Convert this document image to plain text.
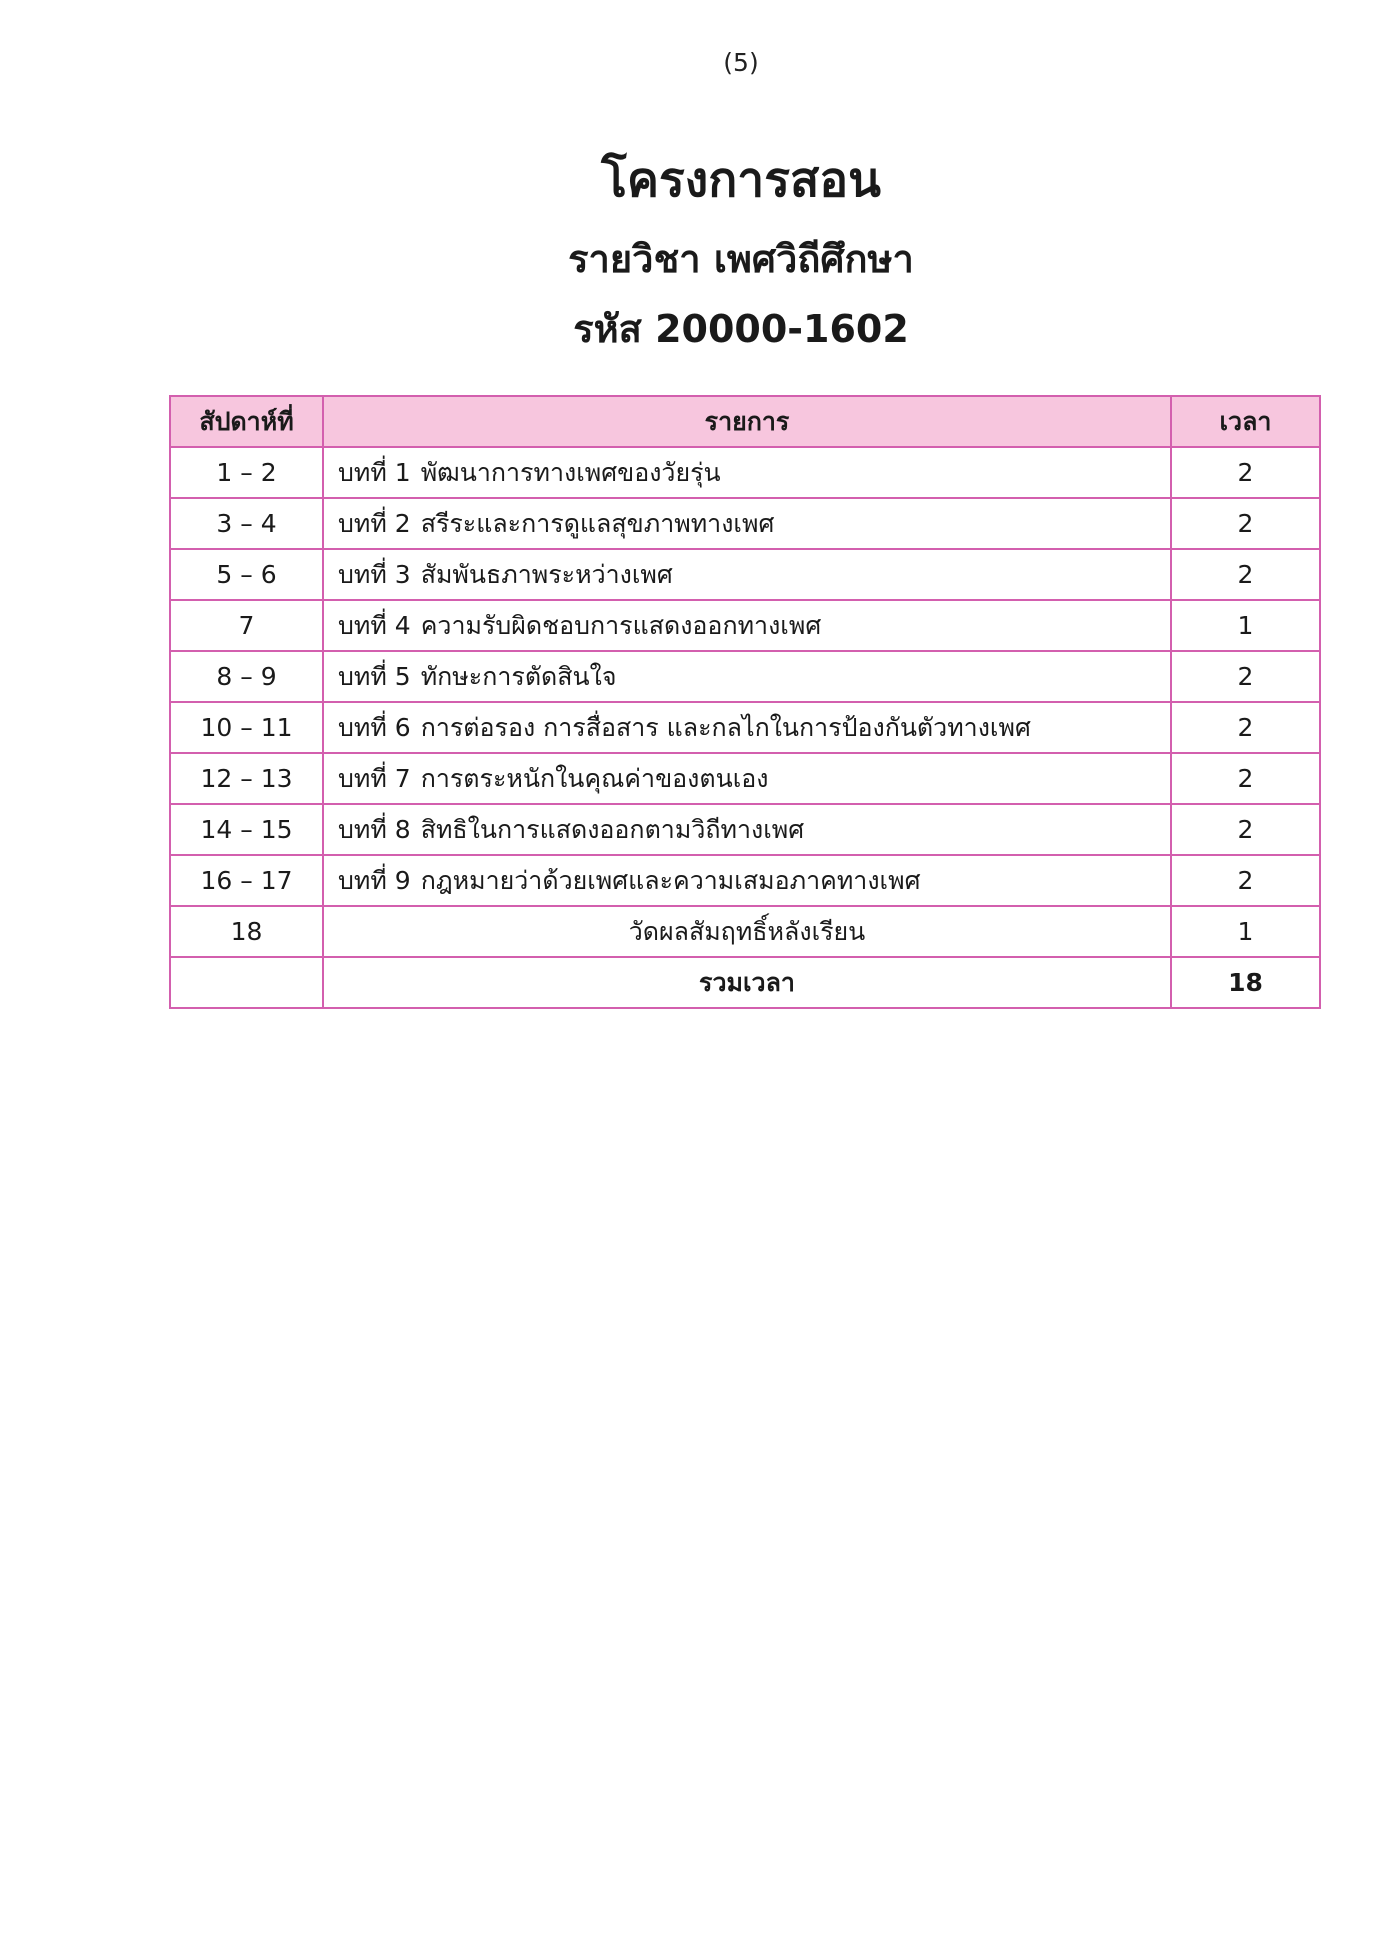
(5)
โครงการสอน
รายวิชา เพศวิถีศึกษา
รหัส 20000-1602
สัปดาห์ที่	รายการ	เวลา
1 – 2	บทที่ 1 พัฒนาการทางเพศของวัยรุ่น	2
3 – 4	บทที่ 2 สรีระและการดูแลสุขภาพทางเพศ	2
5 – 6	บทที่ 3 สัมพันธภาพระหว่างเพศ	2
7	บทที่ 4 ความรับผิดชอบการแสดงออกทางเพศ	1
8 – 9	บทที่ 5 ทักษะการตัดสินใจ	2
10 – 11	บทที่ 6 การต่อรอง การสื่อสาร และกลไกในการป้องกันตัวทางเพศ	2
12 – 13	บทที่ 7 การตระหนักในคุณค่าของตนเอง	2
14 – 15	บทที่ 8 สิทธิในการแสดงออกตามวิถีทางเพศ	2
16 – 17	บทที่ 9 กฎหมายว่าด้วยเพศและความเสมอภาคทางเพศ	2
18	วัดผลสัมฤทธิ์หลังเรียน	1
	รวมเวลา	18
